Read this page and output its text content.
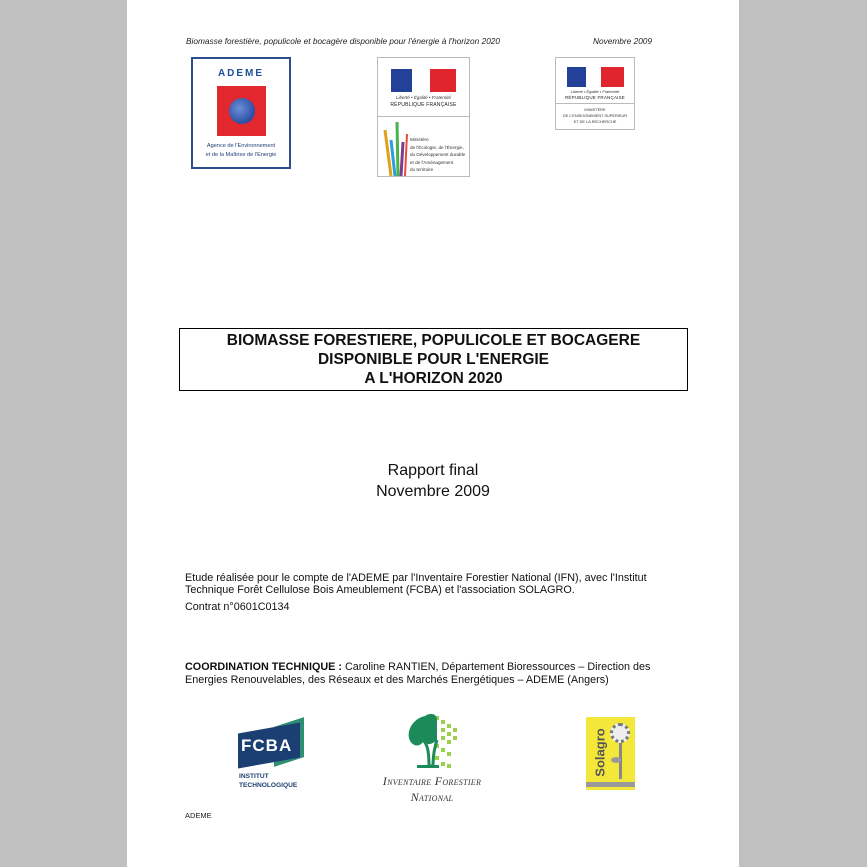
Biomasse forestière, populicole et bocagère disponible pour l'énergie à l'horizon 2020	Novembre 2009
ADEME
Agence de l'Environnement
et de la Maîtrise de l'Energie
Liberté • Égalité • Fraternité
RÉPUBLIQUE FRANÇAISE
Ministère
de l'Écologie, de l'Énergie,
du Développement durable
et de l'Aménagement
du territoire
Liberté • Égalité • Fraternité
RÉPUBLIQUE FRANÇAISE
MINISTÈRE
DE L'ENSEIGNEMENT SUPÉRIEUR
ET DE LA RECHERCHE
BIOMASSE FORESTIERE, POPULICOLE ET BOCAGERE
DISPONIBLE POUR L'ENERGIE
A L'HORIZON 2020
Rapport final
Novembre 2009
Etude réalisée pour le compte de l'ADEME par l'Inventaire Forestier National (IFN), avec l'Institut
Technique Forêt Cellulose Bois Ameublement (FCBA) et l'association SOLAGRO.
Contrat n°0601C0134
COORDINATION TECHNIQUE : Caroline RANTIEN, Département Bioressources – Direction des
Energies Renouvelables, des Réseaux et des Marchés Energétiques – ADEME (Angers)
FCBA
INSTITUT
TECHNOLOGIQUE	Inventaire Forestier
National
Solagro
ADEME
